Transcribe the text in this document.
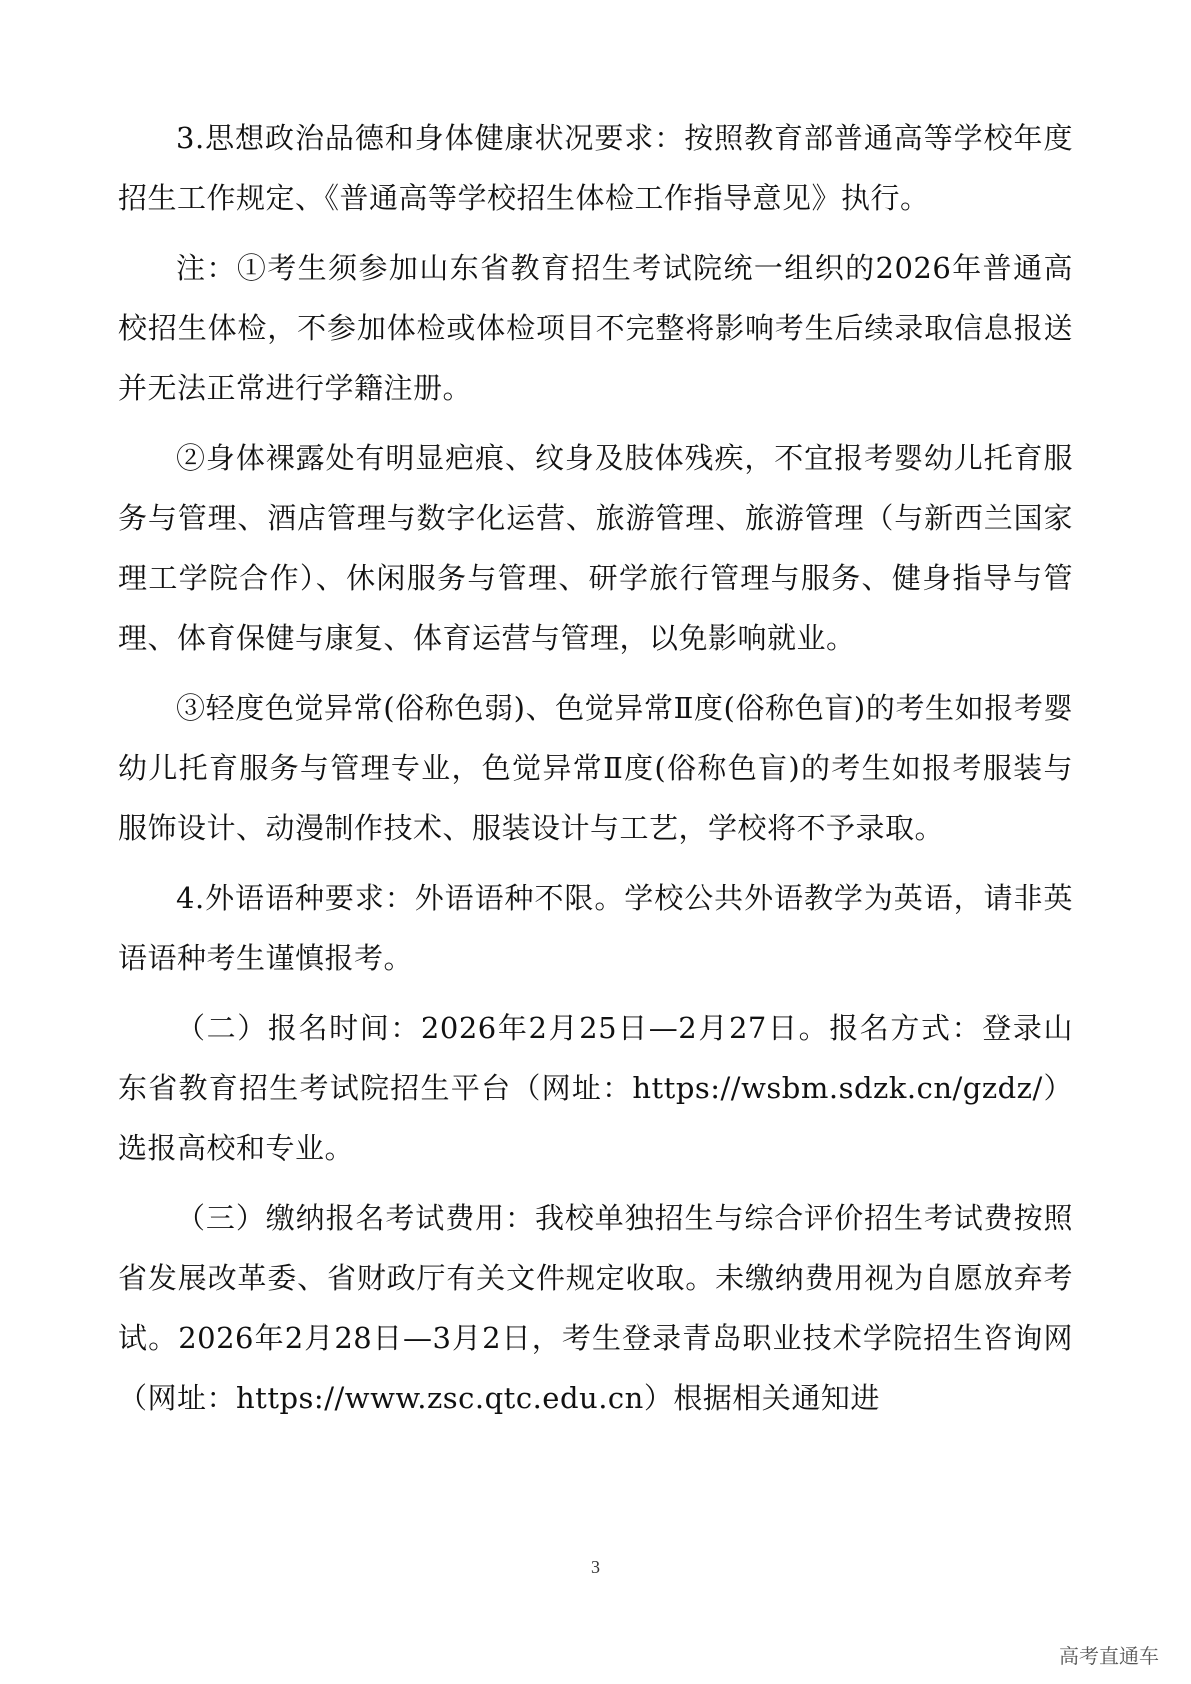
3.思想政治品德和身体健康状况要求：按照教育部普通高等学校年度招生工作规定、《普通高等学校招生体检工作指导意见》执行。

注：①考生须参加山东省教育招生考试院统一组织的2026年普通高校招生体检，不参加体检或体检项目不完整将影响考生后续录取信息报送并无法正常进行学籍注册。

②身体裸露处有明显疤痕、纹身及肢体残疾，不宜报考婴幼儿托育服务与管理、酒店管理与数字化运营、旅游管理、旅游管理（与新西兰国家理工学院合作）、休闲服务与管理、研学旅行管理与服务、健身指导与管理、体育保健与康复、体育运营与管理，以免影响就业。

③轻度色觉异常(俗称色弱)、色觉异常Ⅱ度(俗称色盲)的考生如报考婴幼儿托育服务与管理专业，色觉异常Ⅱ度(俗称色盲)的考生如报考服装与服饰设计、动漫制作技术、服装设计与工艺，学校将不予录取。

4.外语语种要求：外语语种不限。学校公共外语教学为英语，请非英语语种考生谨慎报考。

（二）报名时间：2026年2月25日—2月27日。报名方式：登录山东省教育招生考试院招生平台（网址：https://wsbm.sdzk.cn/gzdz/）选报高校和专业。

（三）缴纳报名考试费用：我校单独招生与综合评价招生考试费按照省发展改革委、省财政厅有关文件规定收取。未缴纳费用视为自愿放弃考试。2026年2月28日—3月2日，考生登录青岛职业技术学院招生咨询网（网址：https://www.zsc.qtc.edu.cn）根据相关通知进

3
高考直通车
